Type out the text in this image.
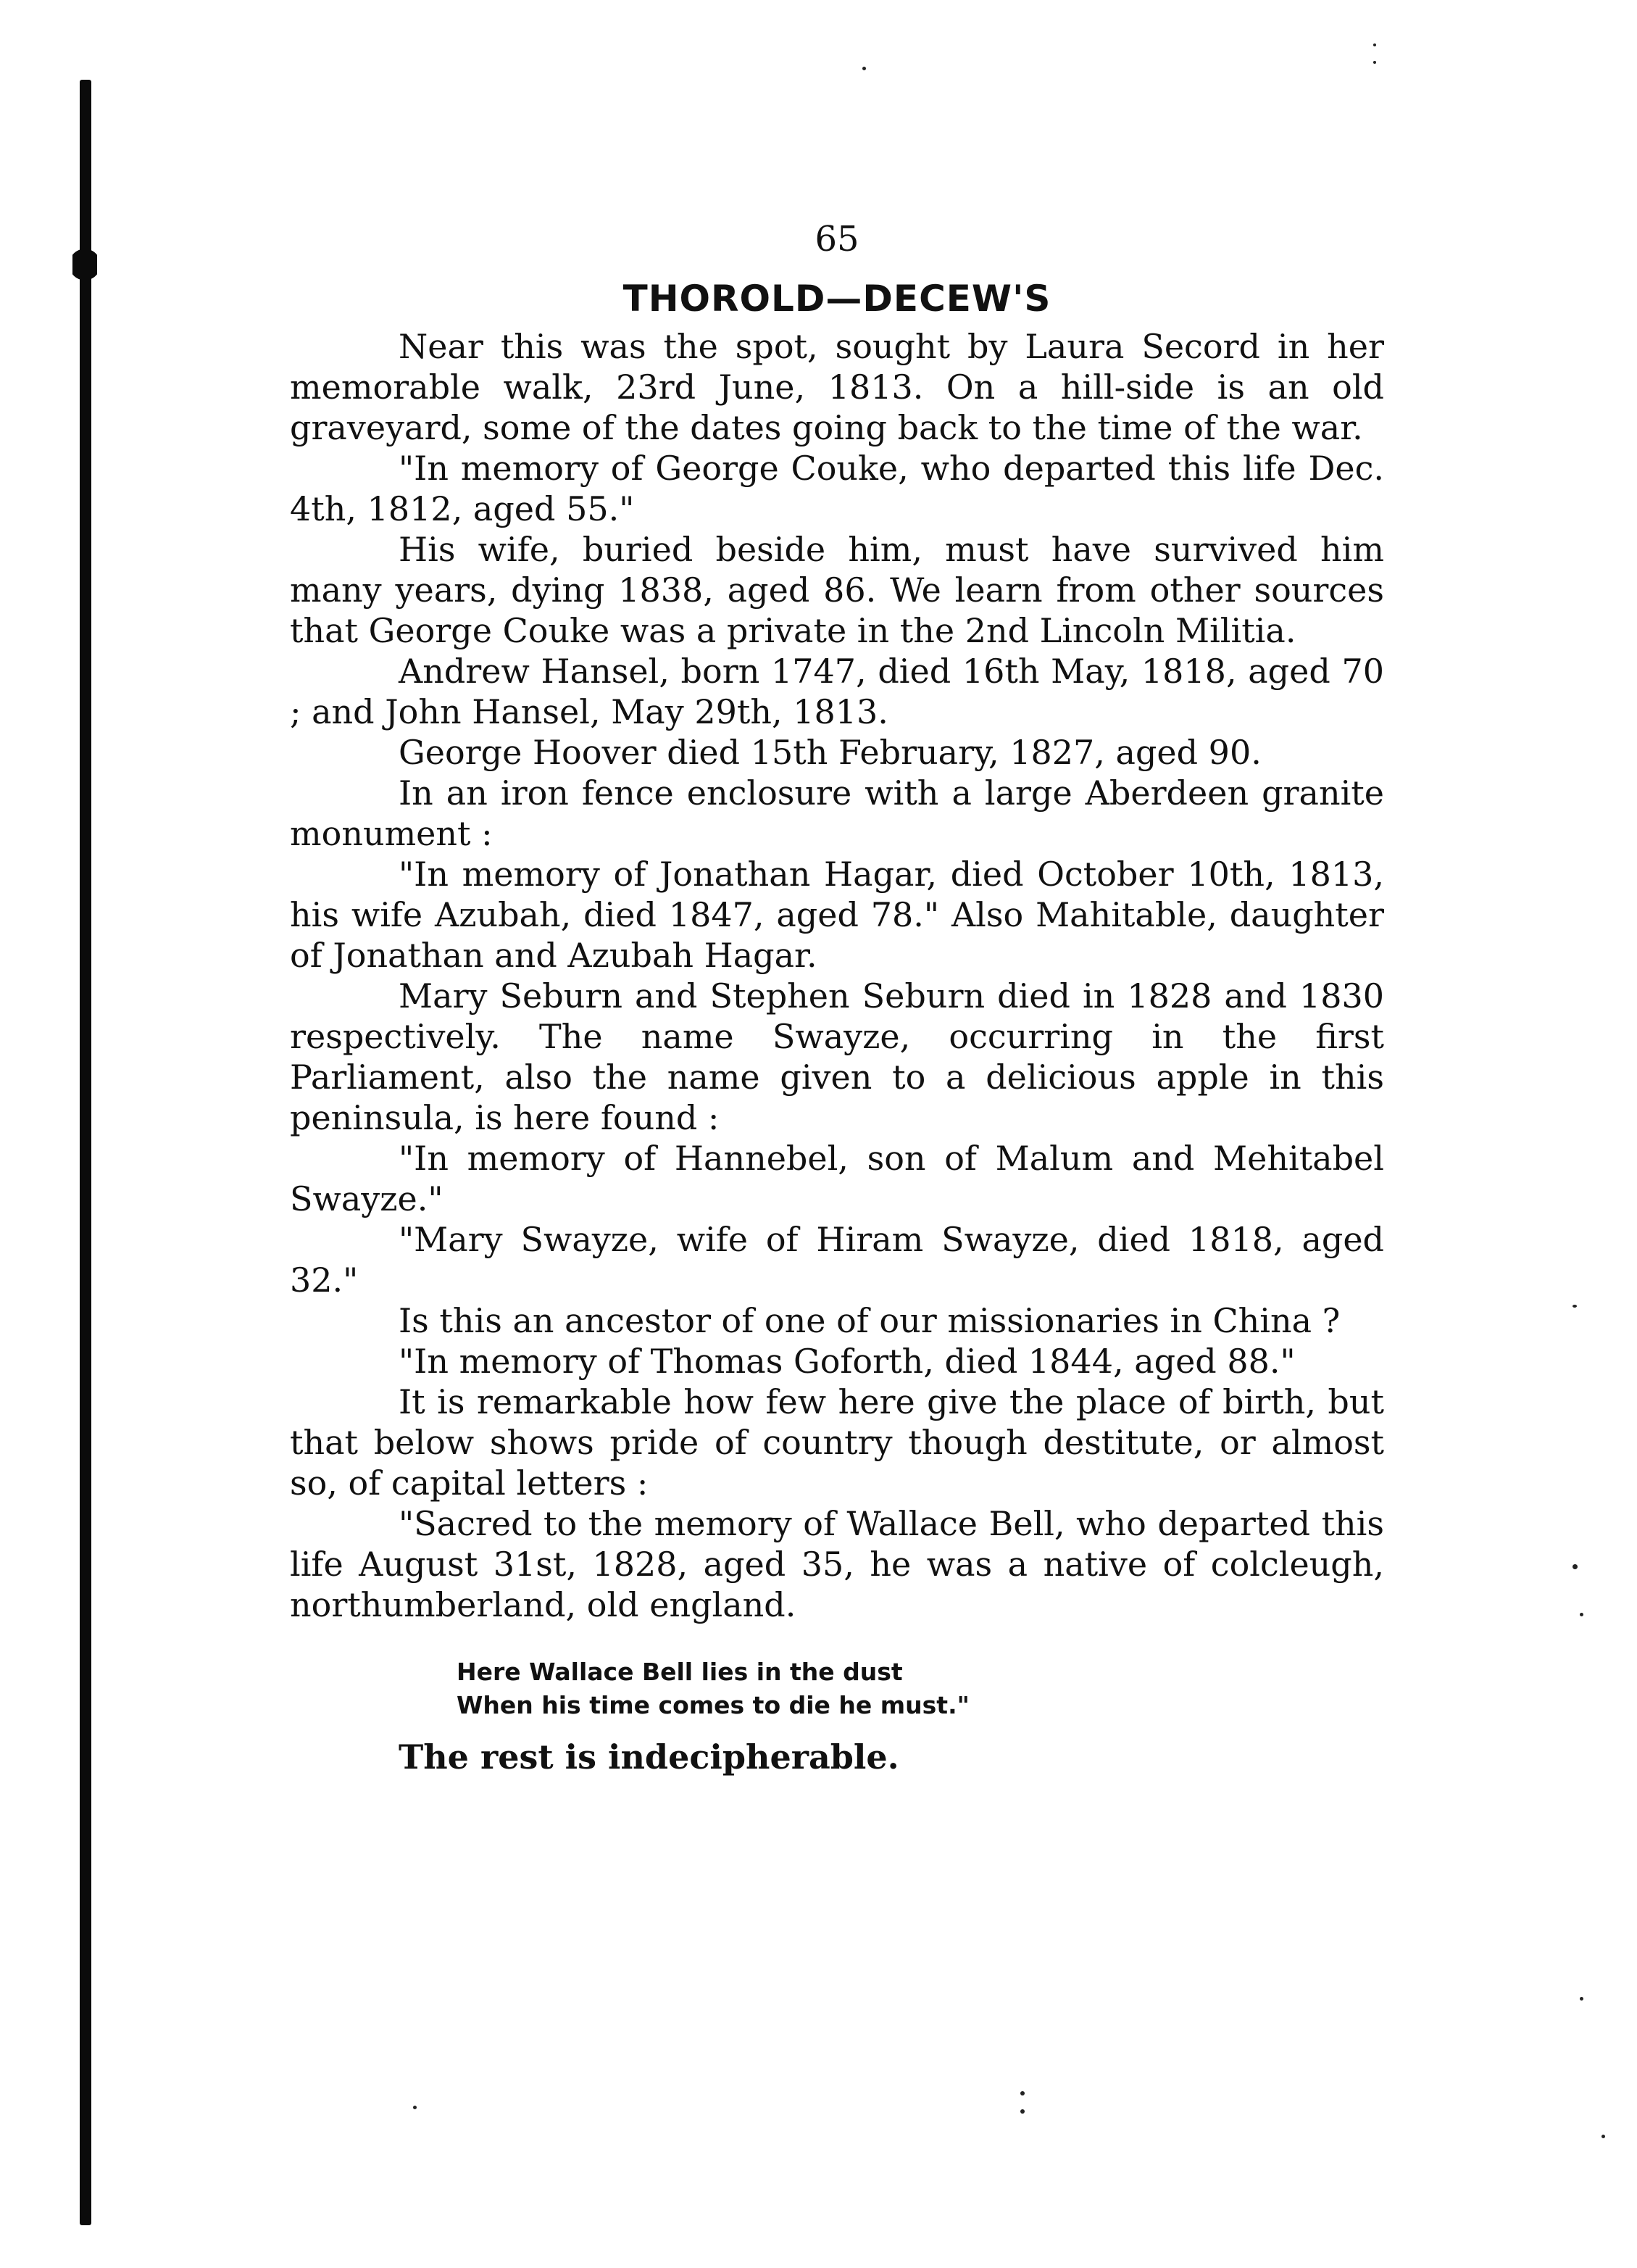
65
THOROLD—DECEW'S

Near this was the spot, sought by Laura Secord in her memorable walk, 23rd June, 1813. On a hill-side is an old graveyard, some of the dates going back to the time of the war.

"In memory of George Couke, who departed this life Dec. 4th, 1812, aged 55."

His wife, buried beside him, must have survived him many years, dying 1838, aged 86. We learn from other sources that George Couke was a private in the 2nd Lincoln Militia.

Andrew Hansel, born 1747, died 16th May, 1818, aged 70 ; and John Hansel, May 29th, 1813.

George Hoover died 15th February, 1827, aged 90.

In an iron fence enclosure with a large Aberdeen granite monument :

"In memory of Jonathan Hagar, died October 10th, 1813, his wife Azubah, died 1847, aged 78." Also Mahitable, daughter of Jonathan and Azubah Hagar.

Mary Seburn and Stephen Seburn died in 1828 and 1830 respectively. The name Swayze, occurring in the first Parliament, also the name given to a delicious apple in this peninsula, is here found :

"In memory of Hannebel, son of Malum and Mehitabel Swayze."

"Mary Swayze, wife of Hiram Swayze, died 1818, aged 32."

Is this an ancestor of one of our missionaries in China ?

"In memory of Thomas Goforth, died 1844, aged 88."

It is remarkable how few here give the place of birth, but that below shows pride of country though destitute, or almost so, of capital letters :

"Sacred to the memory of Wallace Bell, who departed this life August 31st, 1828, aged 35, he was a native of colcleugh, northumberland, old england.

Here Wallace Bell lies in the dust
When his time comes to die he must."
The rest is indecipherable.
